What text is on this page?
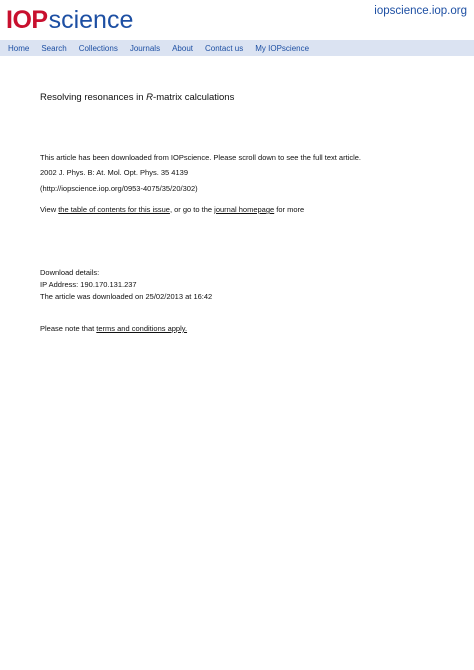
IOP science	iopscience.iop.org
Home Search Collections Journals About Contact us My IOPscience
Resolving resonances in R-matrix calculations
This article has been downloaded from IOPscience. Please scroll down to see the full text article.
2002 J. Phys. B: At. Mol. Opt. Phys. 35 4139
(http://iopscience.iop.org/0953-4075/35/20/302)
View the table of contents for this issue, or go to the journal homepage for more
Download details:
IP Address: 190.170.131.237
The article was downloaded on 25/02/2013 at 16:42
Please note that terms and conditions apply.
